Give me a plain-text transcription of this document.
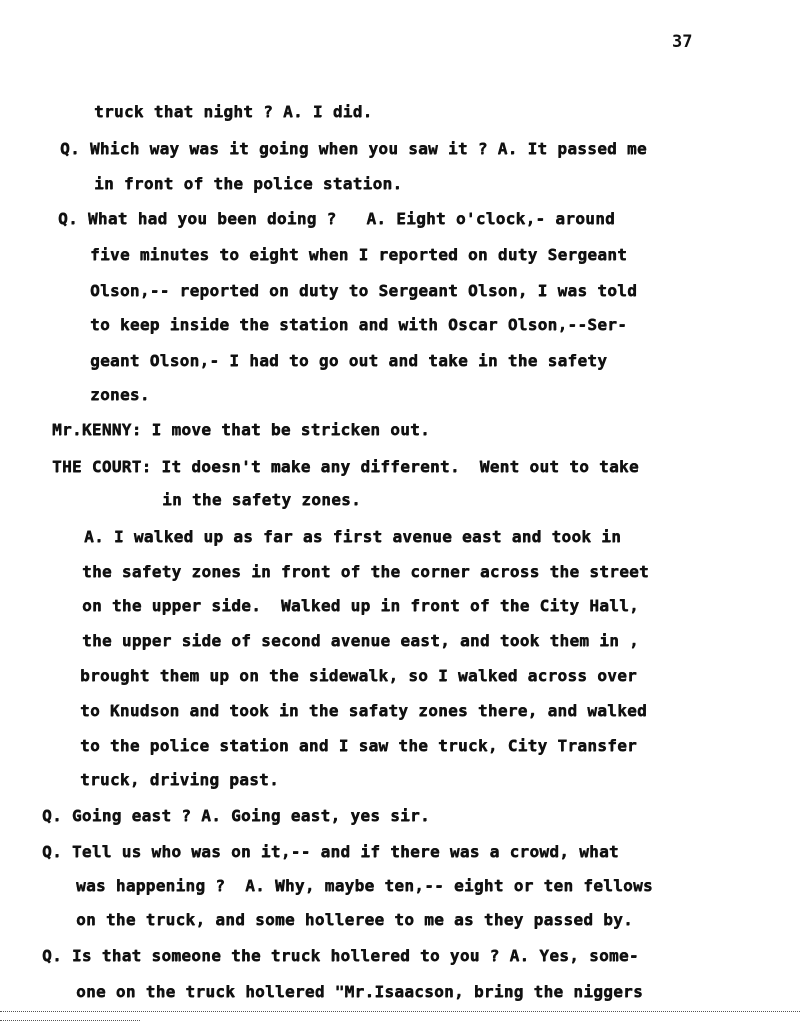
37
truck that night ? A. I did.
Q. Which way was it going when you saw it ? A. It passed me
in front of the police station.
Q. What had you been doing ?   A. Eight o'clock,- around
five minutes to eight when I reported on duty Sergeant
Olson,-- reported on duty to Sergeant Olson, I was told
to keep inside the station and with Oscar Olson,--Ser-
geant Olson,- I had to go out and take in the safety
zones.
Mr.KENNY: I move that be stricken out.
THE COURT: It doesn't make any different.  Went out to take
in the safety zones.
A. I walked up as far as first avenue east and took in
the safety zones in front of the corner across the street
on the upper side.  Walked up in front of the City Hall,
the upper side of second avenue east, and took them in ,
brought them up on the sidewalk, so I walked across over
to Knudson and took in the safaty zones there, and walked
to the police station and I saw the truck, City Transfer
truck, driving past.
Q. Going east ? A. Going east, yes sir.
Q. Tell us who was on it,-- and if there was a crowd, what
was happening ?  A. Why, maybe ten,-- eight or ten fellows
on the truck, and some holleree to me as they passed by.
Q. Is that someone the truck hollered to you ? A. Yes, some-
one on the truck hollered "Mr.Isaacson, bring the niggers
